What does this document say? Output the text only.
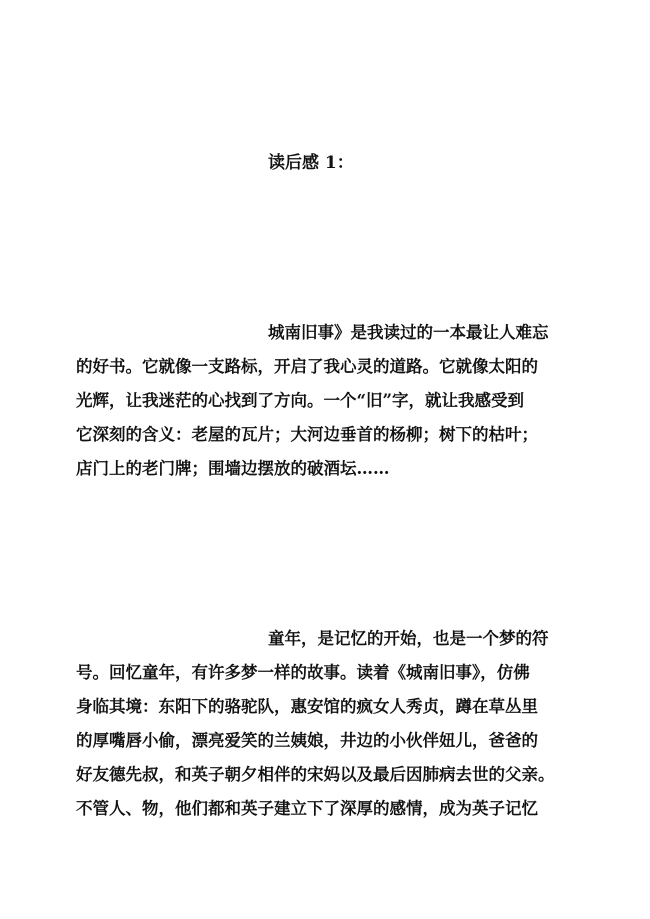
读后感 1：
城南旧事》是我读过的一本最让人难忘
的好书。它就像一支路标，开启了我心灵的道路。它就像太阳的
光辉，让我迷茫的心找到了方向。一个“旧”字，就让我感受到
它深刻的含义：老屋的瓦片；大河边垂首的杨柳；树下的枯叶；
店门上的老门牌；围墙边摆放的破酒坛……
童年，是记忆的开始，也是一个梦的符
号。回忆童年，有许多梦一样的故事。读着《城南旧事》，仿佛
身临其境：东阳下的骆驼队，惠安馆的疯女人秀贞，蹲在草丛里
的厚嘴唇小偷，漂亮爱笑的兰姨娘，井边的小伙伴妞儿，爸爸的
好友德先叔，和英子朝夕相伴的宋妈以及最后因肺病去世的父亲。
不管人、物，他们都和英子建立下了深厚的感情，成为英子记忆
